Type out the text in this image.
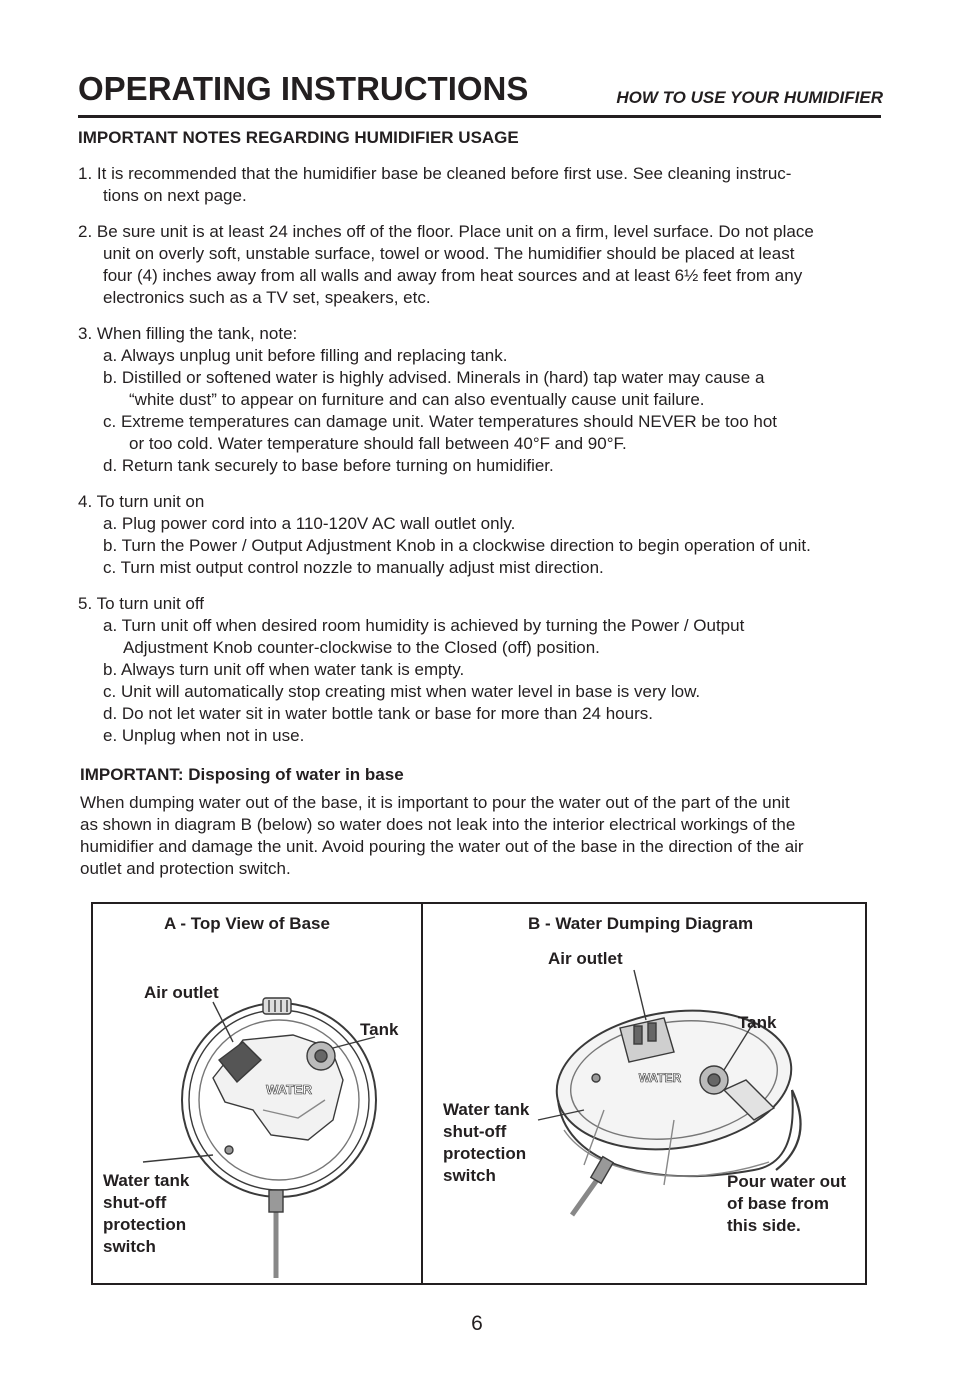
OPERATING INSTRUCTIONS	HOW TO USE YOUR HUMIDIFIER
IMPORTANT NOTES REGARDING HUMIDIFIER USAGE
1. It is recommended that the humidifier base be cleaned before first use. See cleaning instruc-
tions on next page.
2. Be sure unit is at least 24 inches off of the floor. Place unit on a firm, level surface. Do not place
unit on overly soft, unstable surface, towel or wood. The humidifier should be placed at least
four (4) inches away from all walls and away from heat sources and at least 6½ feet from any
electronics such as a TV set, speakers, etc.
3. When filling the tank, note:
a. Always unplug unit before filling and replacing tank.
b. Distilled or softened water is highly advised. Minerals in (hard) tap water may cause a
“white dust” to appear on furniture and can also eventually cause unit failure.
c. Extreme temperatures can damage unit. Water temperatures should NEVER be too hot
or too cold. Water temperature should fall between 40°F and 90°F.
d. Return tank securely to base before turning on humidifier.
4. To turn unit on
a. Plug power cord into a 110-120V AC wall outlet only.
b. Turn the Power / Output Adjustment Knob in a clockwise direction to begin operation of unit.
c. Turn mist output control nozzle to manually adjust mist direction.
5. To turn unit off
a. Turn unit off when desired room humidity is achieved by turning the Power / Output
Adjustment Knob counter-clockwise to the Closed (off) position.
b. Always turn unit off when water tank is empty.
c. Unit will automatically stop creating mist when water level in base is very low.
d. Do not let water sit in water bottle tank or base for more than 24 hours.
e. Unplug when not in use.
IMPORTANT: Disposing of water in base
When dumping water out of the base, it is important to pour the water out of the part of the unit
as shown in diagram B (below) so water does not leak into the interior electrical workings of the
humidifier and damage the unit. Avoid pouring the water out of the base in the direction of the air
outlet and protection switch.
A - Top View of Base
WATER
Air outlet
Tank
Water tank
shut-off
protection
switch
B - Water Dumping Diagram
WATER
Air outlet
Tank
Water tank
shut-off
protection
switch	Pour water out
of base from
this side.
6
